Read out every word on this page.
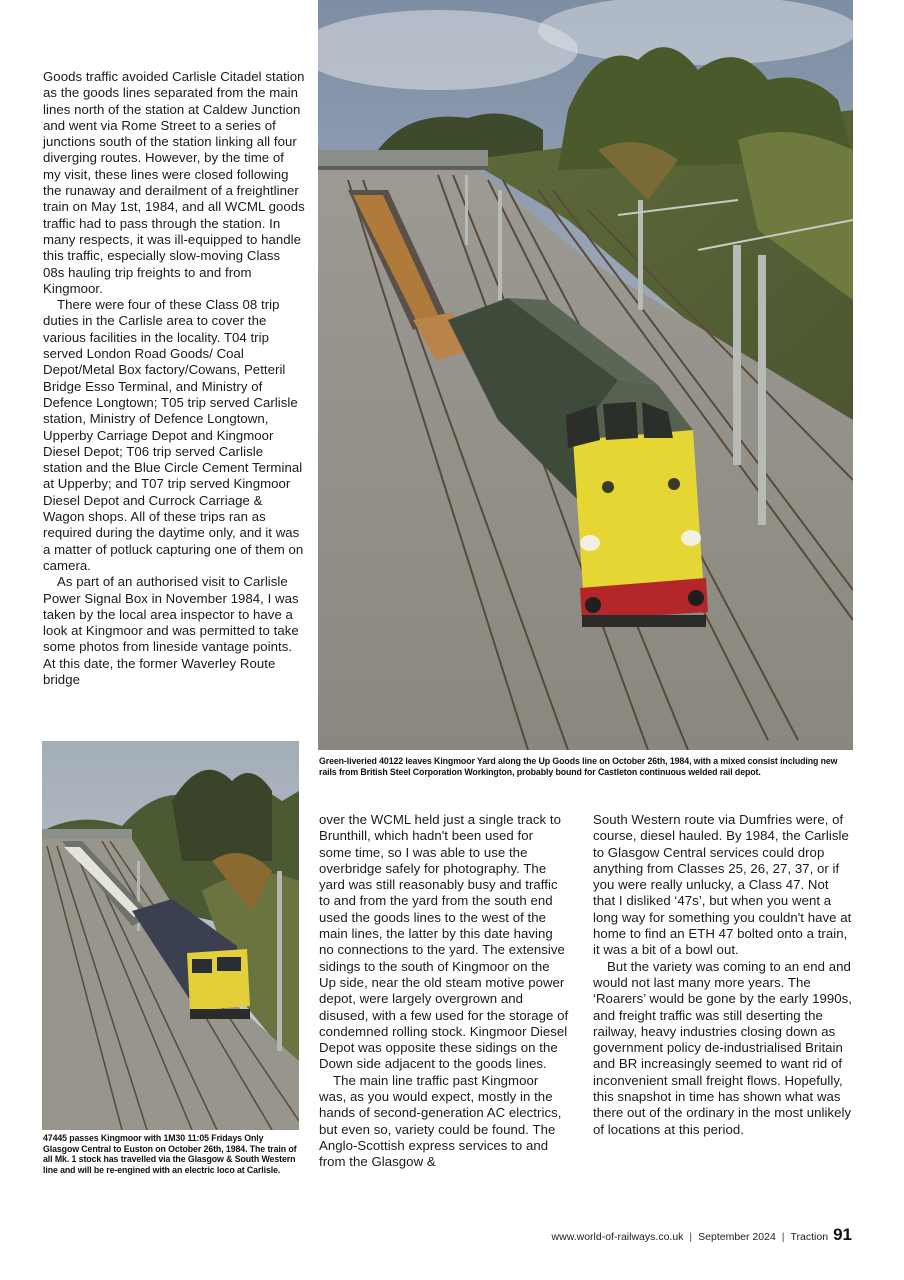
Goods traffic avoided Carlisle Citadel station as the goods lines separated from the main lines north of the station at Caldew Junction and went via Rome Street to a series of junctions south of the station linking all four diverging routes. However, by the time of my visit, these lines were closed following the runaway and derailment of a freightliner train on May 1st, 1984, and all WCML goods traffic had to pass through the station. In many respects, it was ill-equipped to handle this traffic, especially slow-moving Class 08s hauling trip freights to and from Kingmoor.

There were four of these Class 08 trip duties in the Carlisle area to cover the various facilities in the locality. T04 trip served London Road Goods/ Coal Depot/Metal Box factory/Cowans, Petteril Bridge Esso Terminal, and Ministry of Defence Longtown; T05 trip served Carlisle station, Ministry of Defence Longtown, Upperby Carriage Depot and Kingmoor Diesel Depot; T06 trip served Carlisle station and the Blue Circle Cement Terminal at Upperby; and T07 trip served Kingmoor Diesel Depot and Currock Carriage & Wagon shops. All of these trips ran as required during the daytime only, and it was a matter of potluck capturing one of them on camera.

As part of an authorised visit to Carlisle Power Signal Box in November 1984, I was taken by the local area inspector to have a look at Kingmoor and was permitted to take some photos from lineside vantage points. At this date, the former Waverley Route bridge

Green-liveried 40122 leaves Kingmoor Yard along the Up Goods line on October 26th, 1984, with a mixed consist including new rails from British Steel Corporation Workington, probably bound for Castleton continuous welded rail depot.

over the WCML held just a single track to Brunthill, which hadn't been used for some time, so I was able to use the overbridge safely for photography. The yard was still reasonably busy and traffic to and from the yard from the south end used the goods lines to the west of the main lines, the latter by this date having no connections to the yard. The extensive sidings to the south of Kingmoor on the Up side, near the old steam motive power depot, were largely overgrown and disused, with a few used for the storage of condemned rolling stock. Kingmoor Diesel Depot was opposite these sidings on the Down side adjacent to the goods lines.

The main line traffic past Kingmoor was, as you would expect, mostly in the hands of second-generation AC electrics, but even so, variety could be found. The Anglo-Scottish express services to and from the Glasgow &

South Western route via Dumfries were, of course, diesel hauled. By 1984, the Carlisle to Glasgow Central services could drop anything from Classes 25, 26, 27, 37, or if you were really unlucky, a Class 47. Not that I disliked ‘47s’, but when you went a long way for something you couldn't have at home to find an ETH 47 bolted onto a train, it was a bit of a bowl out.

But the variety was coming to an end and would not last many more years. The ‘Roarers’ would be gone by the early 1990s, and freight traffic was still deserting the railway, heavy industries closing down as government policy de-industrialised Britain and BR increasingly seemed to want rid of inconvenient small freight flows. Hopefully, this snapshot in time has shown what was there out of the ordinary in the most unlikely of locations at this period.

47445 passes Kingmoor with 1M30 11:05 Fridays Only Glasgow Central to Euston on October 26th, 1984. The train of all Mk. 1 stock has travelled via the Glasgow & South Western line and will be re-engined with an electric loco at Carlisle.
www.world-of-railways.co.uk | September 2024 | Traction 91
